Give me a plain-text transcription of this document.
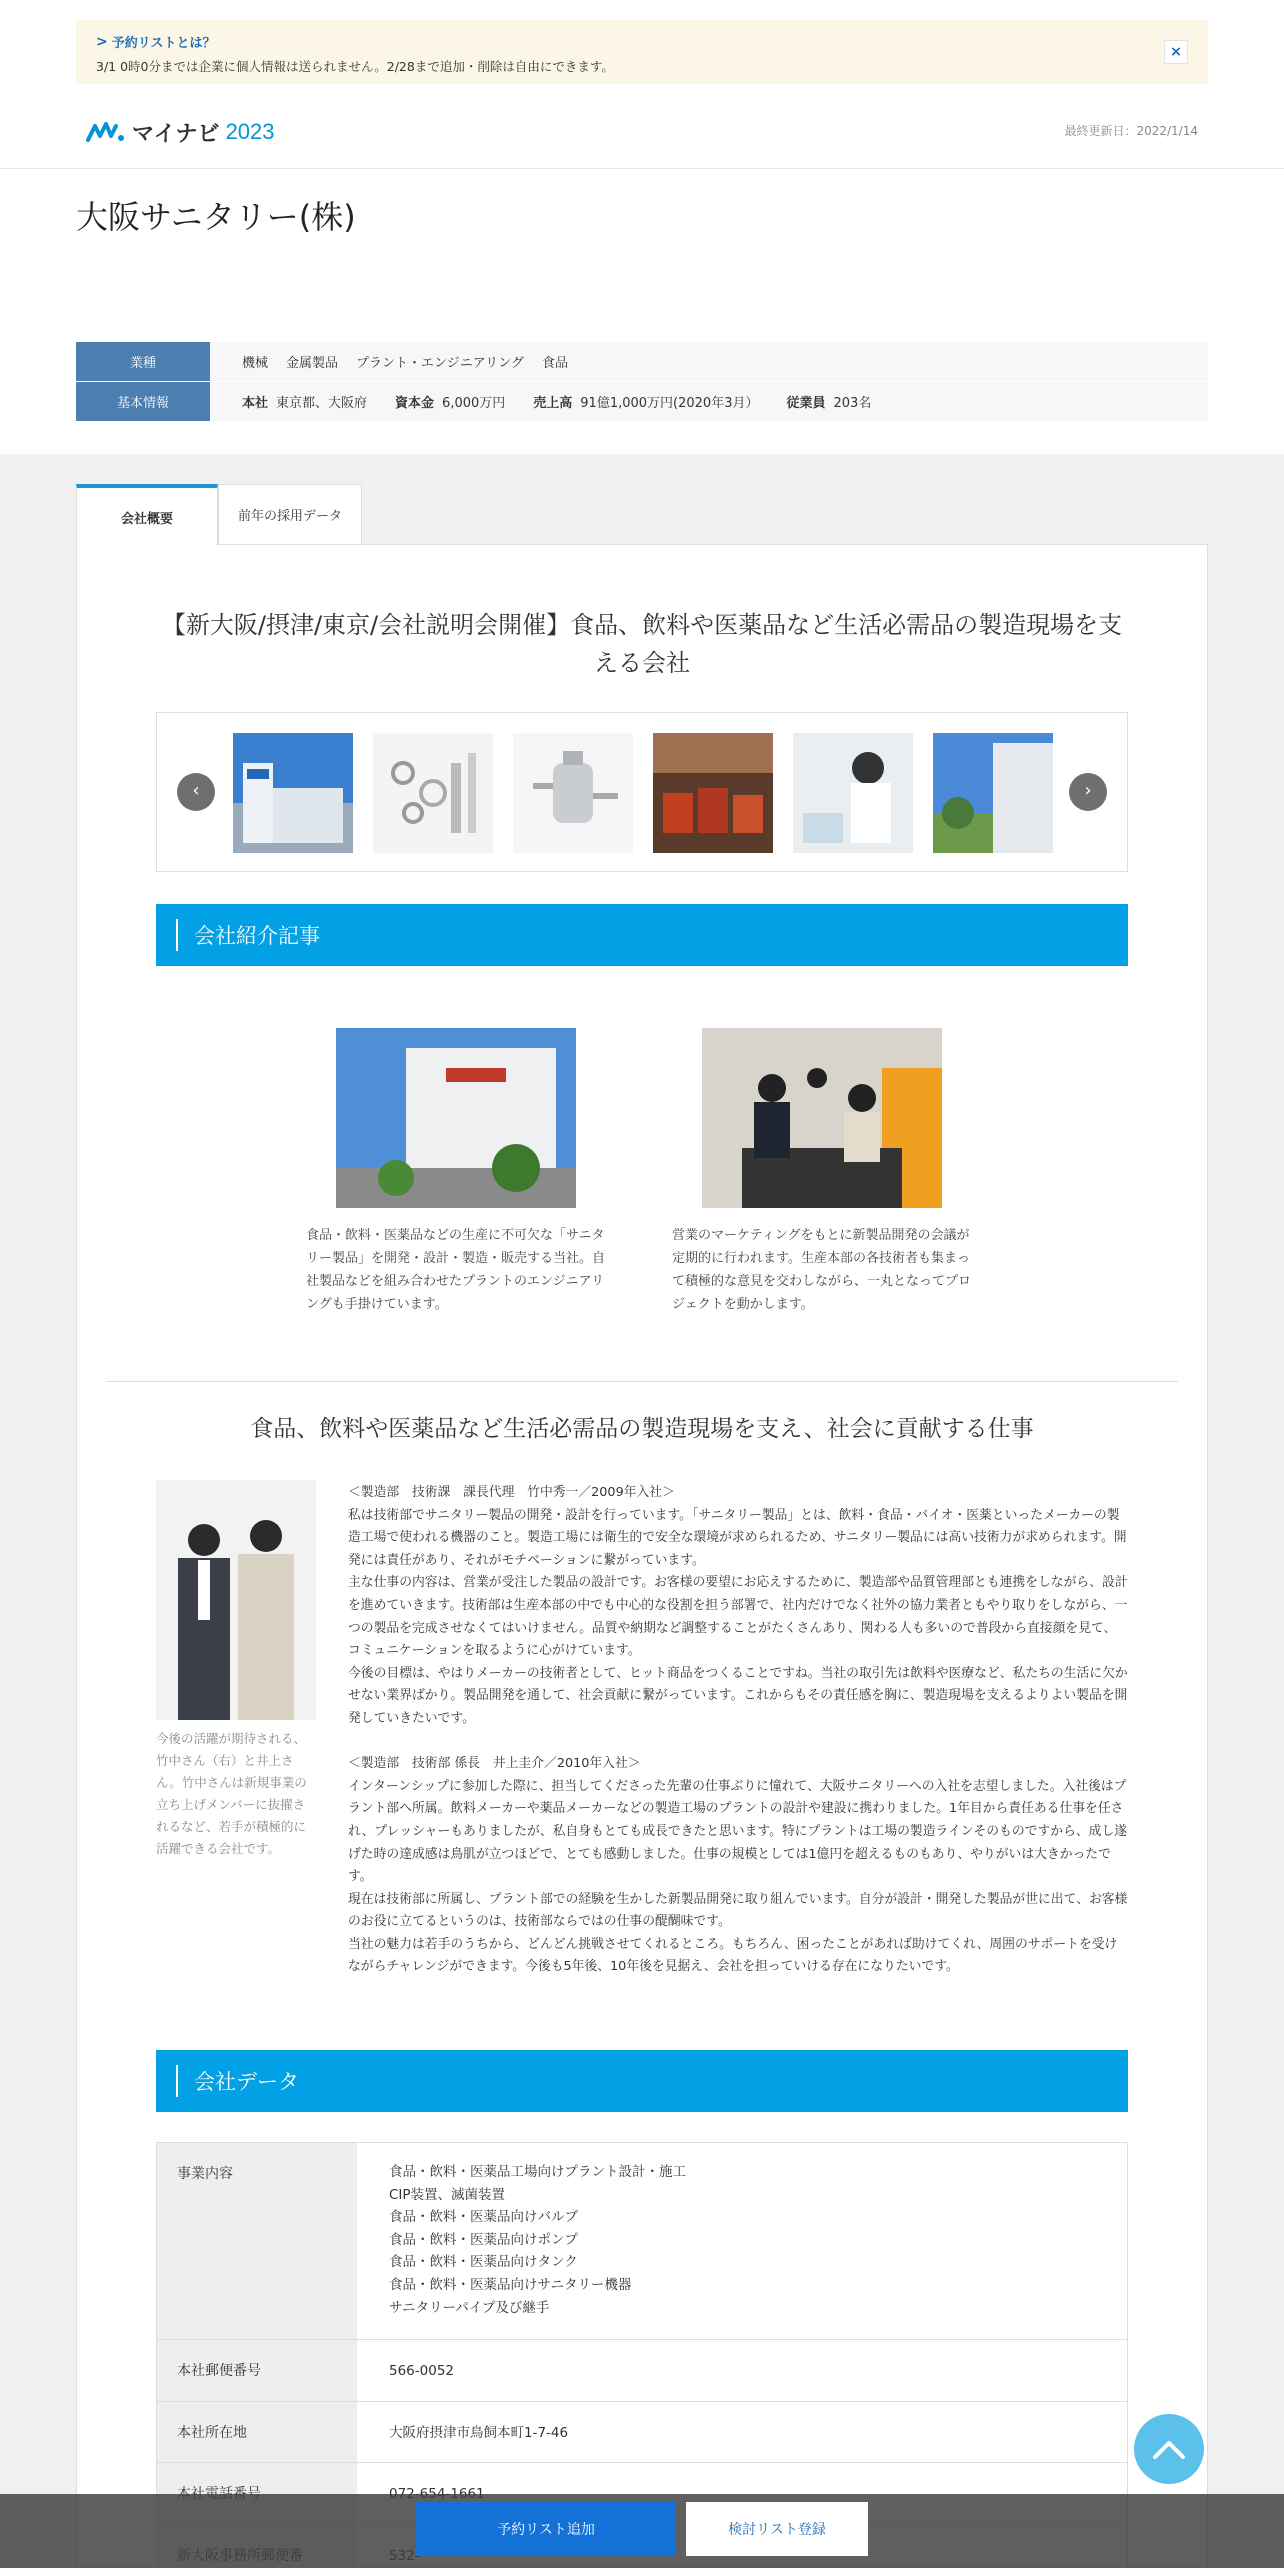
> 予約リストとは？
3/1 0時0分までは企業に個人情報は送られません。2/28まで追加・削除は自由にできます。
×
マイナビ 2023	最終更新日：2022/1/14
大阪サニタリー(株)
業種	機械 金属製品 プラント・エンジニアリング 食品
基本情報	本社 東京都、大阪府 資本金 6,000万円 売上高 91億1,000万円(2020年3月） 従業員 203名
会社概要	前年の採用データ
【新大阪/摂津/東京/会社説明会開催】食品、飲料や医薬品など生活必需品の製造現場を支える会社
‹	›
会社紹介記事

食品・飲料・医薬品などの生産に不可欠な「サニタリー製品」を開発・設計・製造・販売する当社。自社製品などを組み合わせたプラントのエンジニアリングも手掛けています。

営業のマーケティングをもとに新製品開発の会議が定期的に行われます。生産本部の各技術者も集まって積極的な意見を交わしながら、一丸となってプロジェクトを動かします。

食品、飲料や医薬品など生活必需品の製造現場を支え、社会に貢献する仕事
今後の活躍が期待される、竹中さん（右）と井上さん。竹中さんは新規事業の立ち上げメンバーに抜擢されるなど、若手が積極的に活躍できる会社です。
＜製造部　技術課　課長代理　竹中秀一／2009年入社＞
私は技術部でサニタリー製品の開発・設計を行っています。「サニタリー製品」とは、飲料・食品・バイオ・医薬といったメーカーの製造工場で使われる機器のこと。製造工場には衛生的で安全な環境が求められるため、サニタリー製品には高い技術力が求められます。開発には責任があり、それがモチベーションに繋がっています。
主な仕事の内容は、営業が受注した製品の設計です。お客様の要望にお応えするために、製造部や品質管理部とも連携をしながら、設計を進めていきます。技術部は生産本部の中でも中心的な役割を担う部署で、社内だけでなく社外の協力業者ともやり取りをしながら、一つの製品を完成させなくてはいけません。品質や納期など調整することがたくさんあり、関わる人も多いので普段から直接顔を見て、コミュニケーションを取るように心がけています。
今後の目標は、やはりメーカーの技術者として、ヒット商品をつくることですね。当社の取引先は飲料や医療など、私たちの生活に欠かせない業界ばかり。製品開発を通して、社会貢献に繋がっています。これからもその責任感を胸に、製造現場を支えるよりよい製品を開発していきたいです。

＜製造部　技術部 係長　井上圭介／2010年入社＞
インターンシップに参加した際に、担当してくださった先輩の仕事ぶりに憧れて、大阪サニタリーへの入社を志望しました。入社後はプラント部へ所属。飲料メーカーや薬品メーカーなどの製造工場のプラントの設計や建設に携わりました。1年目から責任ある仕事を任され、プレッシャーもありましたが、私自身もとても成長できたと思います。特にプラントは工場の製造ラインそのものですから、成し遂げた時の達成感は鳥肌が立つほどで、とても感動しました。仕事の規模としては1億円を超えるものもあり、やりがいは大きかったです。
現在は技術部に所属し、プラント部での経験を生かした新製品開発に取り組んでいます。自分が設計・開発した製品が世に出て、お客様のお役に立てるというのは、技術部ならではの仕事の醍醐味です。
当社の魅力は若手のうちから、どんどん挑戦させてくれるところ。もちろん、困ったことがあれば助けてくれ、周囲のサポートを受けながらチャレンジができます。今後も5年後、10年後を見据え、会社を担っていける存在になりたいです。
会社データ
事業内容	食品・飲料・医薬品工場向けプラント設計・施工
CIP装置、滅菌装置
食品・飲料・医薬品向けバルブ
食品・飲料・医薬品向けポンプ
食品・飲料・医薬品向けタンク
食品・飲料・医薬品向けサニタリー機器
サニタリーパイプ及び継手
本社郵便番号	566-0052
本社所在地	大阪府摂津市鳥飼本町1-7-46
予約リスト追加	検討リスト登録
